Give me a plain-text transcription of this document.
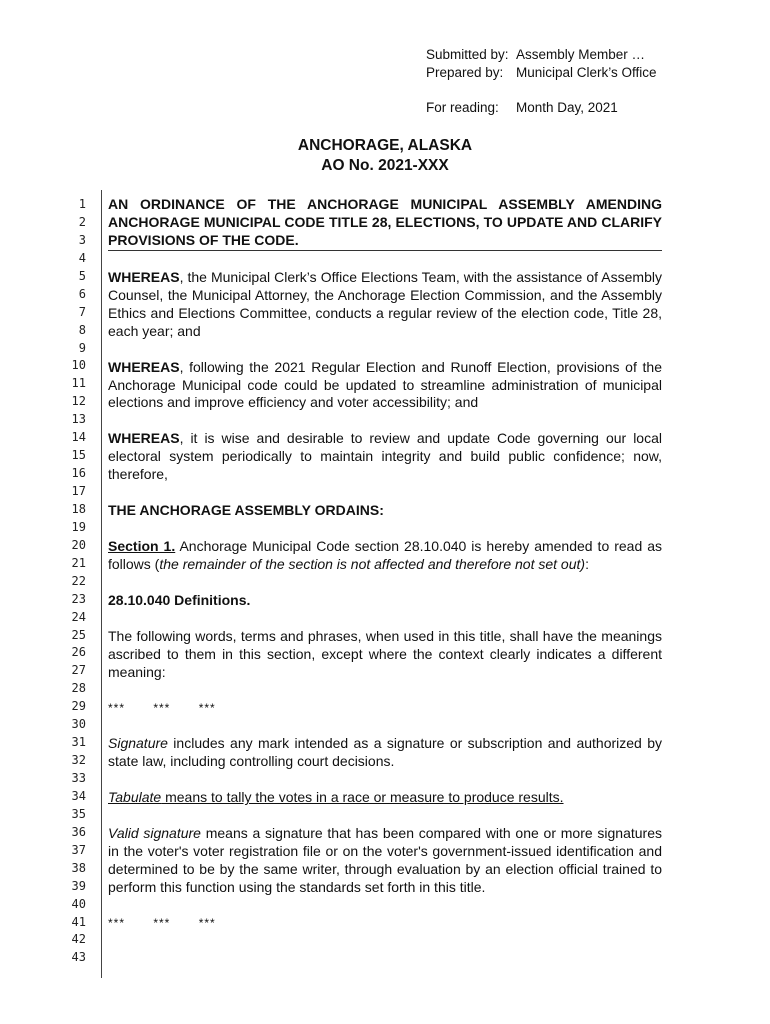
Submitted by: Assembly Member …
Prepared by: Municipal Clerk’s Office
For reading:	Month Day, 2021
ANCHORAGE, ALASKA
AO No. 2021-XXX
1
2
3
4
5
6
7
8
9
10
11
12
13
14
15
16
17
18
19
20
21
22
23
24
25
26
27
28
29
30
31
32
33
34
35
36
37
38
39
40
41
42
43
AN ORDINANCE OF THE ANCHORAGE MUNICIPAL ASSEMBLY AMENDING ANCHORAGE MUNICIPAL CODE TITLE 28, ELECTIONS, TO UPDATE AND CLARIFY PROVISIONS OF THE CODE.

WHEREAS, the Municipal Clerk’s Office Elections Team, with the assistance of Assembly Counsel, the Municipal Attorney, the Anchorage Election Commission, and the Assembly Ethics and Elections Committee, conducts a regular review of the election code, Title 28, each year; and

WHEREAS, following the 2021 Regular Election and Runoff Election, provisions of the Anchorage Municipal code could be updated to streamline administration of municipal elections and improve efficiency and voter accessibility; and

WHEREAS, it is wise and desirable to review and update Code governing our local electoral system periodically to maintain integrity and build public confidence; now, therefore,

THE ANCHORAGE ASSEMBLY ORDAINS:

Section 1. Anchorage Municipal Code section 28.10.040 is hereby amended to read as follows (the remainder of the section is not affected and therefore not set out):

28.10.040 Definitions.

The following words, terms and phrases, when used in this title, shall have the meanings ascribed to them in this section, except where the context clearly indicates a different meaning:

*** *** ***

Signature includes any mark intended as a signature or subscription and authorized by state law, including controlling court decisions.

Tabulate means to tally the votes in a race or measure to produce results.

Valid signature means a signature that has been compared with one or more signatures in the voter's voter registration file or on the voter's government-issued identification and determined to be by the same writer, through evaluation by an election official trained to perform this function using the standards set forth in this title.

*** *** ***
